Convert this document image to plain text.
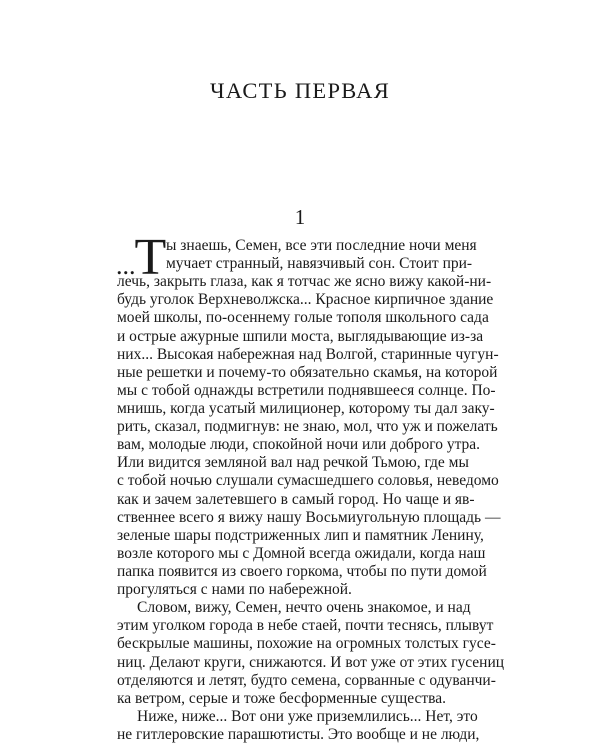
ЧАСТЬ ПЕРВАЯ
1
...Т ы знаешь, Семен, все эти последние ночи меня
мучает странный, навязчивый сон. Стоит при-
лечь, закрыть глаза, как я тотчас же ясно вижу какой-ни-
будь уголок Верхневолжска... Красное кирпичное здание
моей школы, по-осеннему голые тополя школьного сада
и острые ажурные шпили моста, выглядывающие из-за
них... Высокая набережная над Волгой, старинные чугун-
ные решетки и почему-то обязательно скамья, на которой
мы с тобой однажды встретили поднявшееся солнце. По-
мнишь, когда усатый милиционер, которому ты дал заку-
рить, сказал, подмигнув: не знаю, мол, что уж и пожелать
вам, молодые люди, спокойной ночи или доброго утра.
Или видится земляной вал над речкой Тьмою, где мы
с тобой ночью слушали сумасшедшего соловья, неведомо
как и зачем залетевшего в самый город. Но чаще и яв-
ственнее всего я вижу нашу Восьмиугольную площадь —
зеленые шары подстриженных лип и памятник Ленину,
возле которого мы с Домной всегда ожидали, когда наш
папка появится из своего горкома, чтобы по пути домой
прогуляться с нами по набережной.
Словом, вижу, Семен, нечто очень знакомое, и над
этим уголком города в небе стаей, почти теснясь, плывут
бескрылые машины, похожие на огромных толстых гусе-
ниц. Делают круги, снижаются. И вот уже от этих гусениц
отделяются и летят, будто семена, сорванные с одуванчи-
ка ветром, серые и тоже бесформенные существа.
Ниже, ниже... Вот они уже приземлились... Нет, это
не гитлеровские парашютисты. Это вообще и не люди,
